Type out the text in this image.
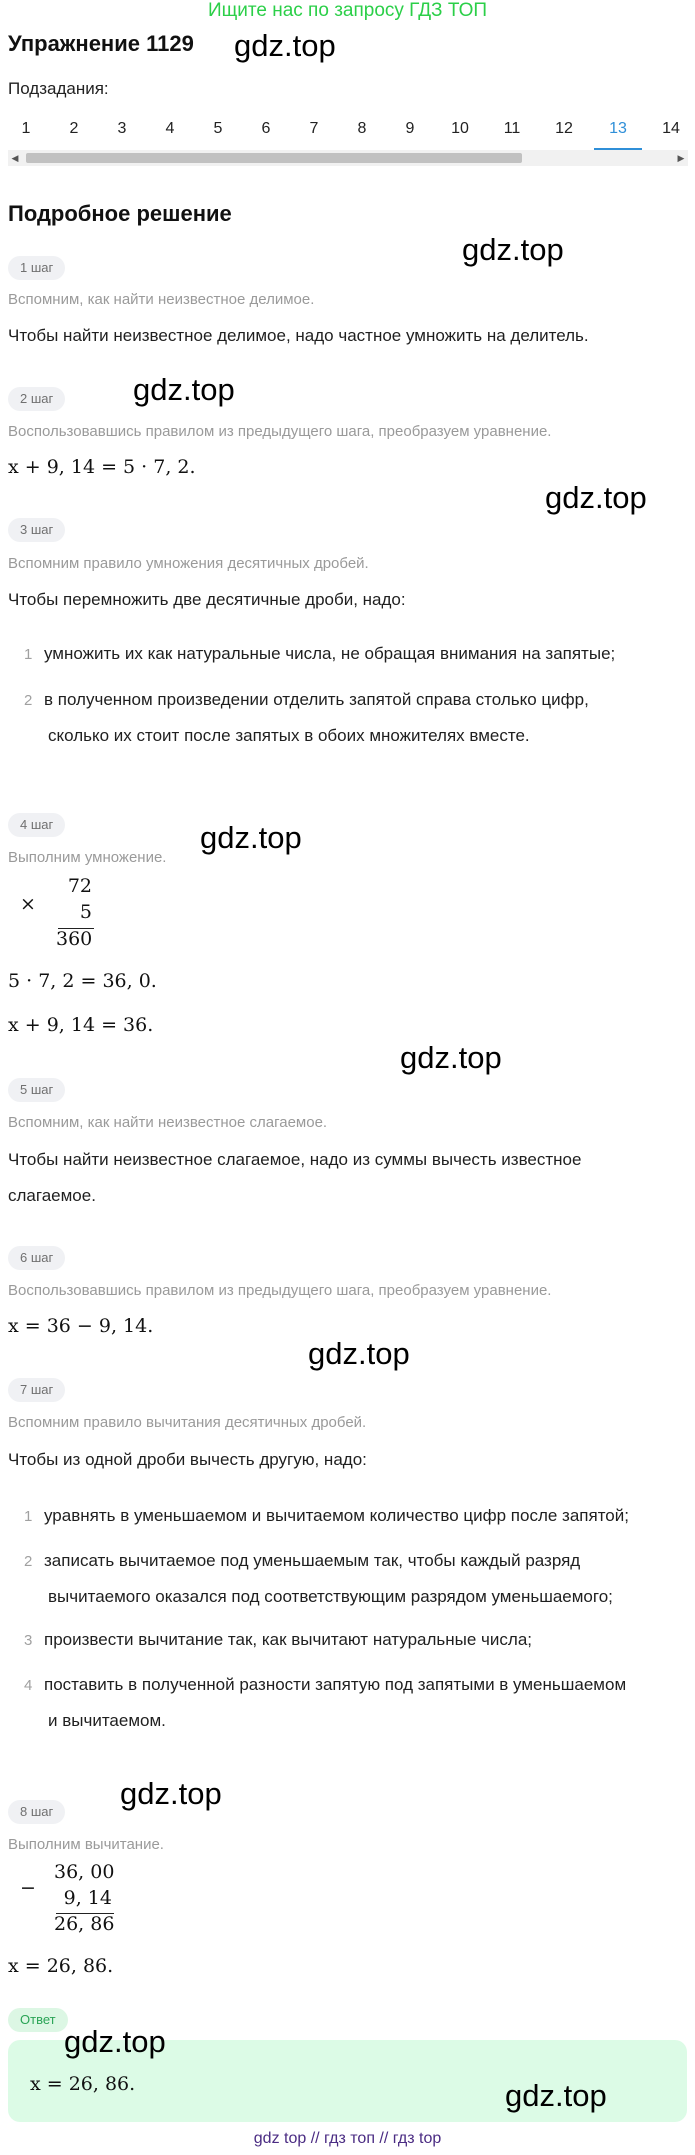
Ищите нас по запросу ГДЗ ТОП
Упражнение 1129 gdz.top
Подзадания:
1	2	3	4	5	6	7	8	9	10	11	12	13	14
◀	▶
Подробное решение
gdz.top
1 шаг
Вспомним, как найти неизвестное делимое.
Чтобы найти неизвестное делимое, надо частное умножить на делитель.
gdz.top
2 шаг
Воспользовавшись правилом из предыдущего шага, преобразуем уравнение.
x + 9, 14 = 5 · 7, 2.
gdz.top
3 шаг
Вспомним правило умножения десятичных дробей.
Чтобы перемножить две десятичные дроби, надо:
1 умножить их как натуральные числа, не обращая внимания на запятые;
2 в полученном произведении отделить запятой справа столько цифр,
сколько их стоит после запятых в обоих множителях вместе.
4 шаг	gdz.top
Выполним умножение.
×
72
5
360
5 · 7, 2 = 36, 0.
x + 9, 14 = 36.
gdz.top
5 шаг
Вспомним, как найти неизвестное слагаемое.
Чтобы найти неизвестное слагаемое, надо из суммы вычесть известное
слагаемое.
6 шаг
Воспользовавшись правилом из предыдущего шага, преобразуем уравнение.
x = 36 − 9, 14.
gdz.top
7 шаг
Вспомним правило вычитания десятичных дробей.
Чтобы из одной дроби вычесть другую, надо:
1 уравнять в уменьшаемом и вычитаемом количество цифр после запятой;
2 записать вычитаемое под уменьшаемым так, чтобы каждый разряд
вычитаемого оказался под соответствующим разрядом уменьшаемого;
3 произвести вычитание так, как вычитают натуральные числа;
4 поставить в полученной разности запятую под запятыми в уменьшаемом
и вычитаемом.
gdz.top
8 шаг
Выполним вычитание.
−
36, 00
9, 14
26, 86
x = 26, 86.
Ответ
x = 26, 86.
gdz.top
gdz.top
gdz top // гдз топ // гдз top
